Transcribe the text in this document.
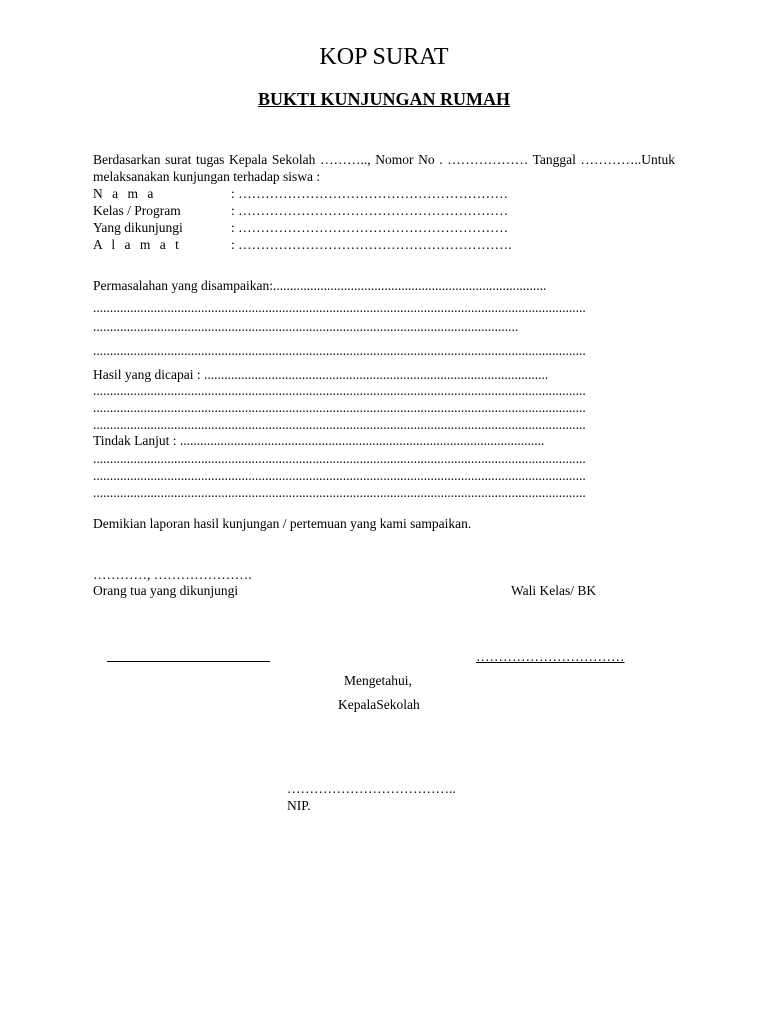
KOP SURAT
BUKTI KUNJUNGAN RUMAH
Berdasarkan surat tugas Kepala Sekolah ……….., Nomor No . ……………… Tanggal …………..Untuk melaksanakan kunjungan terhadap siswa :
N a m a	: ……………………………………………………
Kelas / Program	: ……………………………………………………
Yang dikunjungi	: ……………………………………………………
A l a m a t	: …………………………………………………….
Permasalahan yang disampaikan:.................................................................................
..................................................................................................................................................
..............................................................................................................................
..................................................................................................................................................
Hasil yang dicapai : ......................................................................................................
..................................................................................................................................................
..................................................................................................................................................
..................................................................................................................................................
Tindak Lanjut : ............................................................................................................
..................................................................................................................................................
..................................................................................................................................................
..................................................................................................................................................
Demikian laporan hasil kunjungan / pertemuan yang kami sampaikan.
…………, ………………….
Orang tua yang dikunjungi	Wali Kelas/ BK
……………………………
Mengetahui,
KepalaSekolah
………………………………..
NIP.
